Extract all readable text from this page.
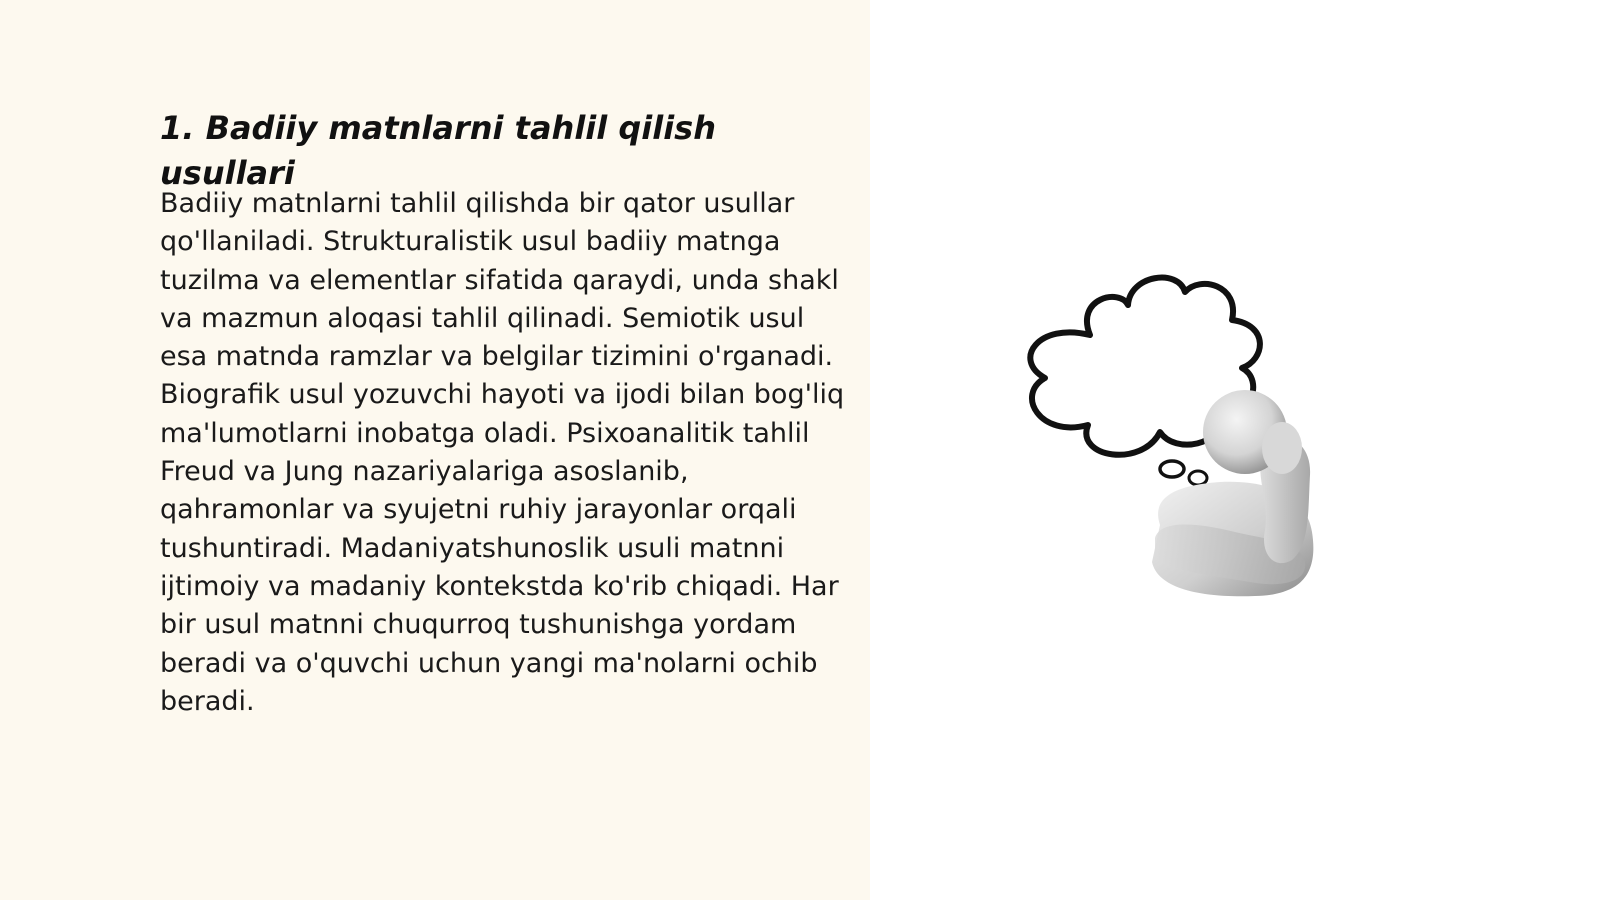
1. Badiiy matnlarni tahlil qilish usullari

Badiiy matnlarni tahlil qilishda bir qator usullar qo'llaniladi. Strukturalistik usul badiiy matnga tuzilma va elementlar sifatida qaraydi, unda shakl va mazmun aloqasi tahlil qilinadi. Semiotik usul esa matnda ramzlar va belgilar tizimini o'rganadi. Biografik usul yozuvchi hayoti va ijodi bilan bog'liq ma'lumotlarni inobatga oladi. Psixoanalitik tahlil Freud va Jung nazariyalariga asoslanib, qahramonlar va syujetni ruhiy jarayonlar orqali tushuntiradi. Madaniyatshunoslik usuli matnni ijtimoiy va madaniy kontekstda ko'rib chiqadi. Har bir usul matnni chuqurroq tushunishga yordam beradi va o'quvchi uchun yangi ma'nolarni ochib beradi.
